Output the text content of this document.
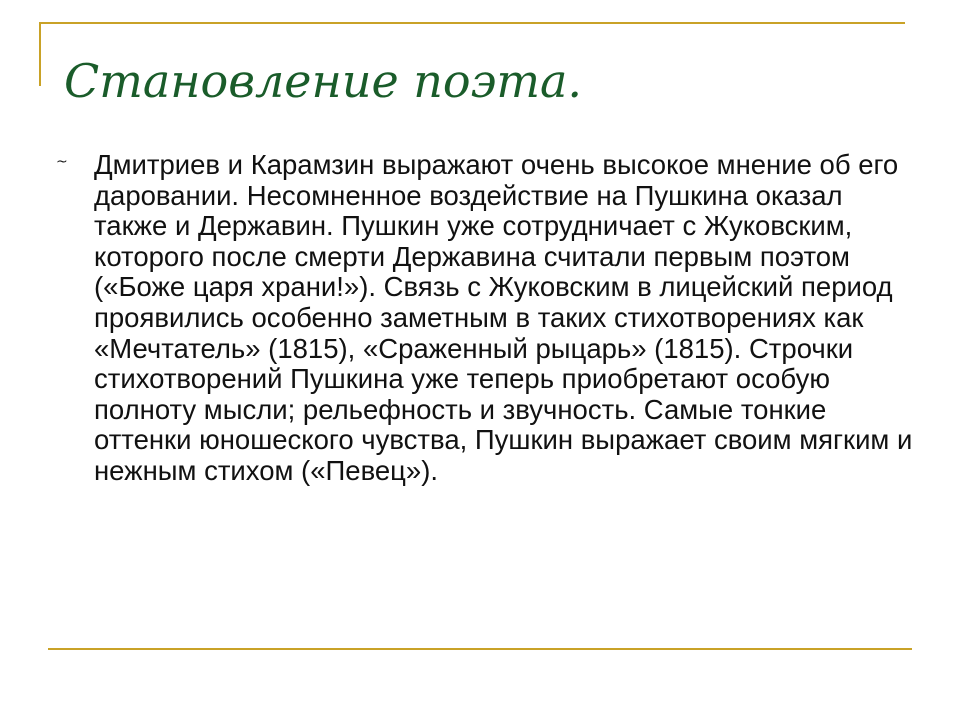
Становление поэта.
~ Дмитриев и Карамзин выражают очень высокое мнение об его даровании. Несомненное воздействие на Пушкина оказал также и Державин. Пушкин уже сотрудничает с Жуковским, которого после смерти Державина считали первым поэтом («Боже царя храни!»). Связь с Жуковским в лицейский период проявились особенно заметным в таких стихотворениях как «Мечтатель» (1815), «Сраженный рыцарь» (1815). Строчки стихотворений Пушкина уже теперь приобретают особую полноту мысли; рельефность и звучность. Самые тонкие оттенки юношеского чувства, Пушкин выражает своим мягким и нежным стихом («Певец»).
